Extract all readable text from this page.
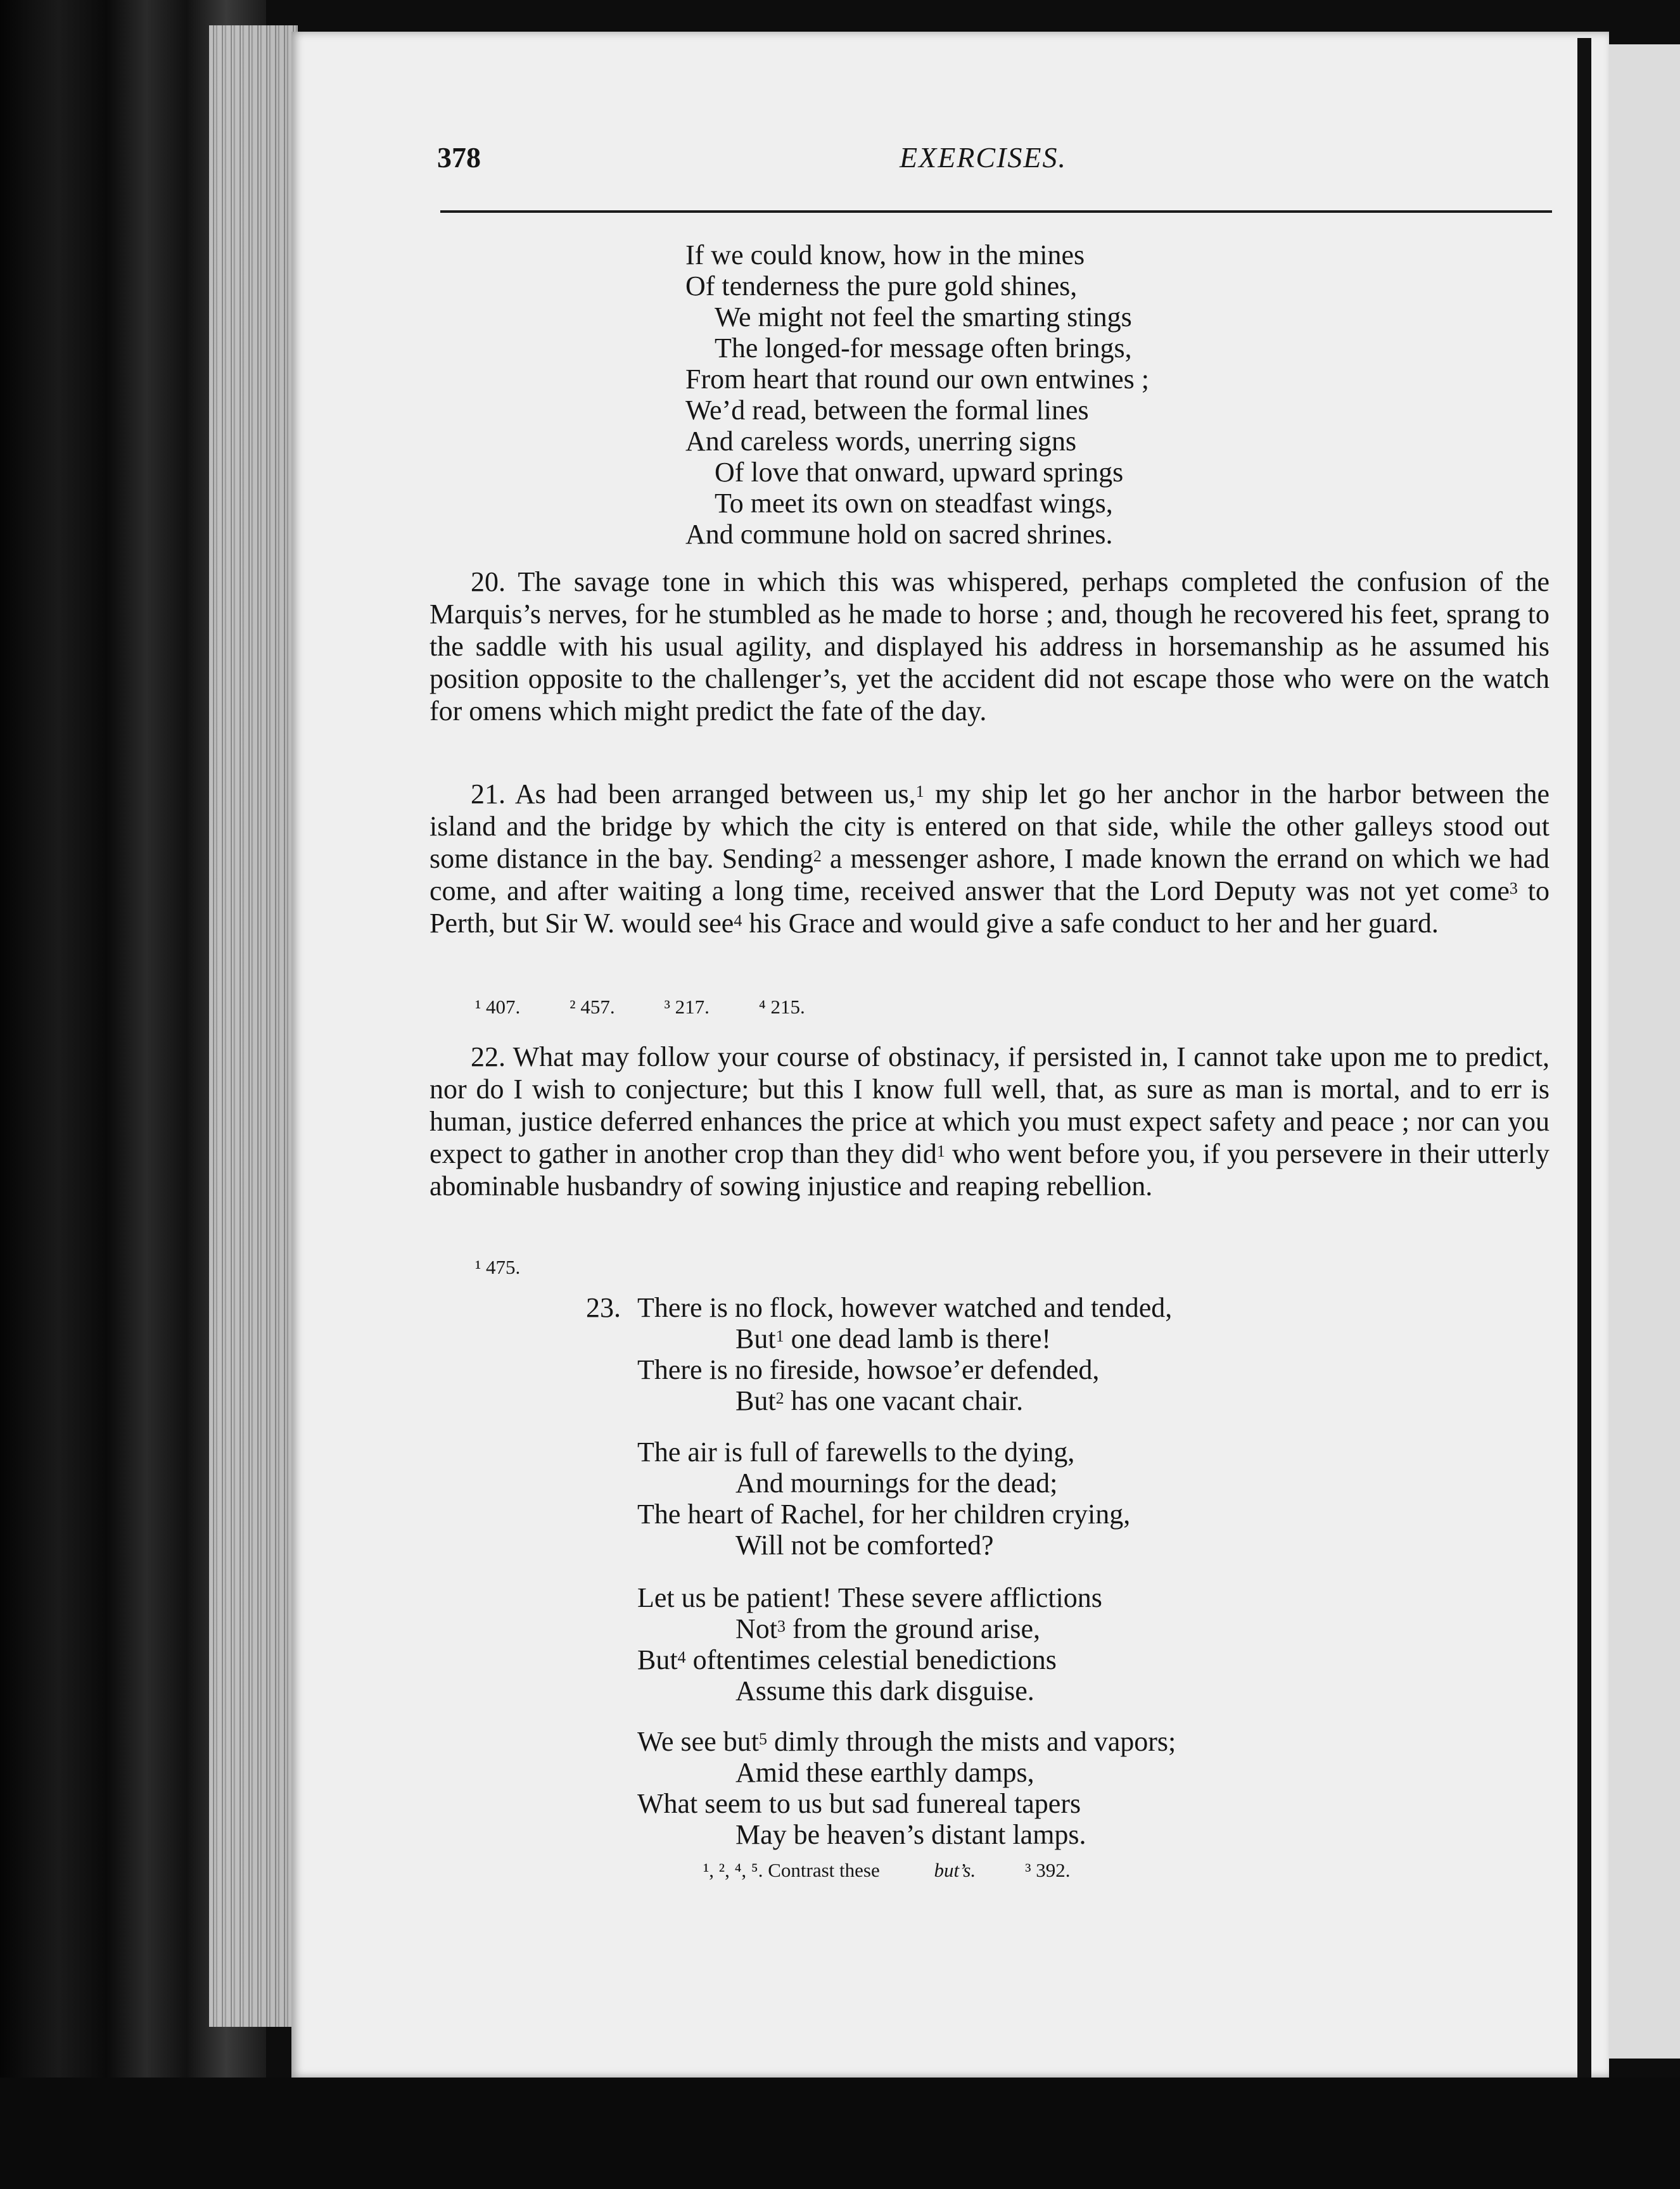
378	EXERCISES.
If we could know, how in the mines
Of tenderness the pure gold shines,
We might not feel the smarting stings
The longed-for message often brings,
From heart that round our own entwines ;
We’d read, between the formal lines
And careless words, unerring signs
Of love that onward, upward springs
To meet its own on steadfast wings,
And commune hold on sacred shrines.

20. The savage tone in which this was whispered, perhaps completed the confusion of the Marquis’s nerves, for he stumbled as he made to horse ; and, though he recovered his feet, sprang to the saddle with his usual agility, and displayed his address in horsemanship as he assumed his position opposite to the challenger’s, yet the accident did not escape those who were on the watch for omens which might predict the fate of the day.

21. As had been arranged between us,$^1$ my ship let go her anchor in the harbor between the island and the bridge by which the city is entered on that side, while the other galleys stood out some distance in the bay. Sending$^2$ a messenger ashore, I made known the errand on which we had come, and after waiting a long time, received answer that the Lord Deputy was not yet come$^3$ to Perth, but Sir W. would see$^4$ his Grace and would give a safe conduct to her and her guard.

¹ 407.	² 457.	³ 217.	⁴ 215.

22. What may follow your course of obstinacy, if persisted in, I cannot take upon me to predict, nor do I wish to conjecture; but this I know full well, that, as sure as man is mortal, and to err is human, justice deferred enhances the price at which you must expect safety and peace ; nor can you expect to gather in another crop than they did$^1$ who went before you, if you persevere in their utterly abominable husbandry of sowing injustice and reaping rebellion.

¹ 475.
23. There is no flock, however watched and tended,
But$^1$ one dead lamb is there!
There is no fireside, howsoe’er defended,
But$^2$ has one vacant chair.
The air is full of farewells to the dying,
And mournings for the dead;
The heart of Rachel, for her children crying,
Will not be comforted?
Let us be patient! These severe afflictions
Not$^3$ from the ground arise,
But$^4$ oftentimes celestial benedictions
Assume this dark disguise.
We see but$^5$ dimly through the mists and vapors;
Amid these earthly damps,
What seem to us but sad funereal tapers
May be heaven’s distant lamps.
¹, ², ⁴, ⁵. Contrast these	but’s.	³ 392.
